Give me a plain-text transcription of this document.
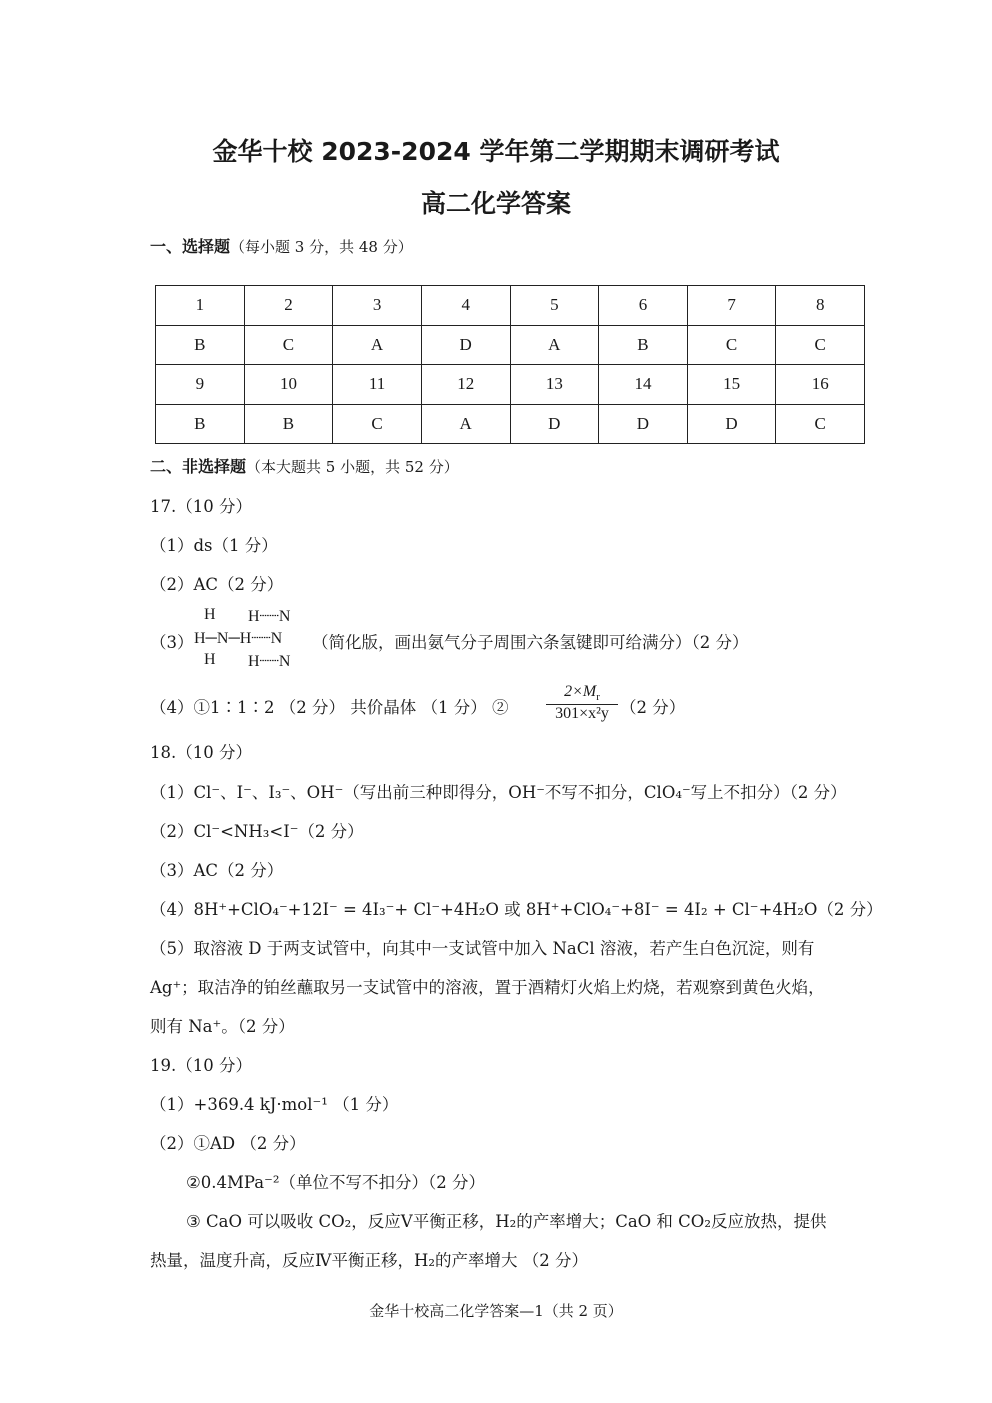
金华十校 2023-2024 学年第二学期期末调研考试
高二化学答案
一、选择题（每小题 3 分，共 48 分）
1	2	3	4	5	6	7	8
B	C	A	D	A	B	C	C
9	10	11	12	13	14	15	16
B	B	C	A	D	D	D	C
二、非选择题（本大题共 5 小题，共 52 分）
17.（10 分）
（1）ds（1 分）
（2）AC（2 分）
（3）
H H┈┈N
H─N─H┈┈N
H H┈┈N
（简化版，画出氨气分子周围六条氢键即可给满分）（2 分）
（4）①1∶1∶2 （2 分） 共价晶体 （1 分） ② $\frac{2\times M_r}{\text{301×x²y}} (2$ 分）
18.（10 分）
（1）Cl⁻、I⁻、I₃⁻、OH⁻（写出前三种即得分，OH⁻不写不扣分，ClO₄⁻写上不扣分）（2 分）
（2）Cl⁻<NH₃<I⁻（2 分）
（3）AC（2 分）
（4）8H⁺+ClO₄⁻+12I⁻ = 4I₃⁻+ Cl⁻+4H₂O 或 8H⁺+ClO₄⁻+8I⁻ = 4I₂ + Cl⁻+4H₂O（2 分）
（5）取溶液 D 于两支试管中，向其中一支试管中加入 NaCl 溶液，若产生白色沉淀，则有
Ag⁺；取洁净的铂丝蘸取另一支试管中的溶液，置于酒精灯火焰上灼烧，若观察到黄色火焰，
则有 Na⁺。（2 分）
19.（10 分）
（1）+369.4 kJ·mol⁻¹ （1 分）
（2）①AD （2 分）
②0.4MPa⁻²（单位不写不扣分）（2 分）
③ CaO 可以吸收 CO₂，反应Ⅴ平衡正移，H₂的产率增大；CaO 和 CO₂反应放热，提供
热量，温度升高，反应Ⅳ平衡正移，H₂的产率增大 （2 分）
金华十校高二化学答案—1（共 2 页）
